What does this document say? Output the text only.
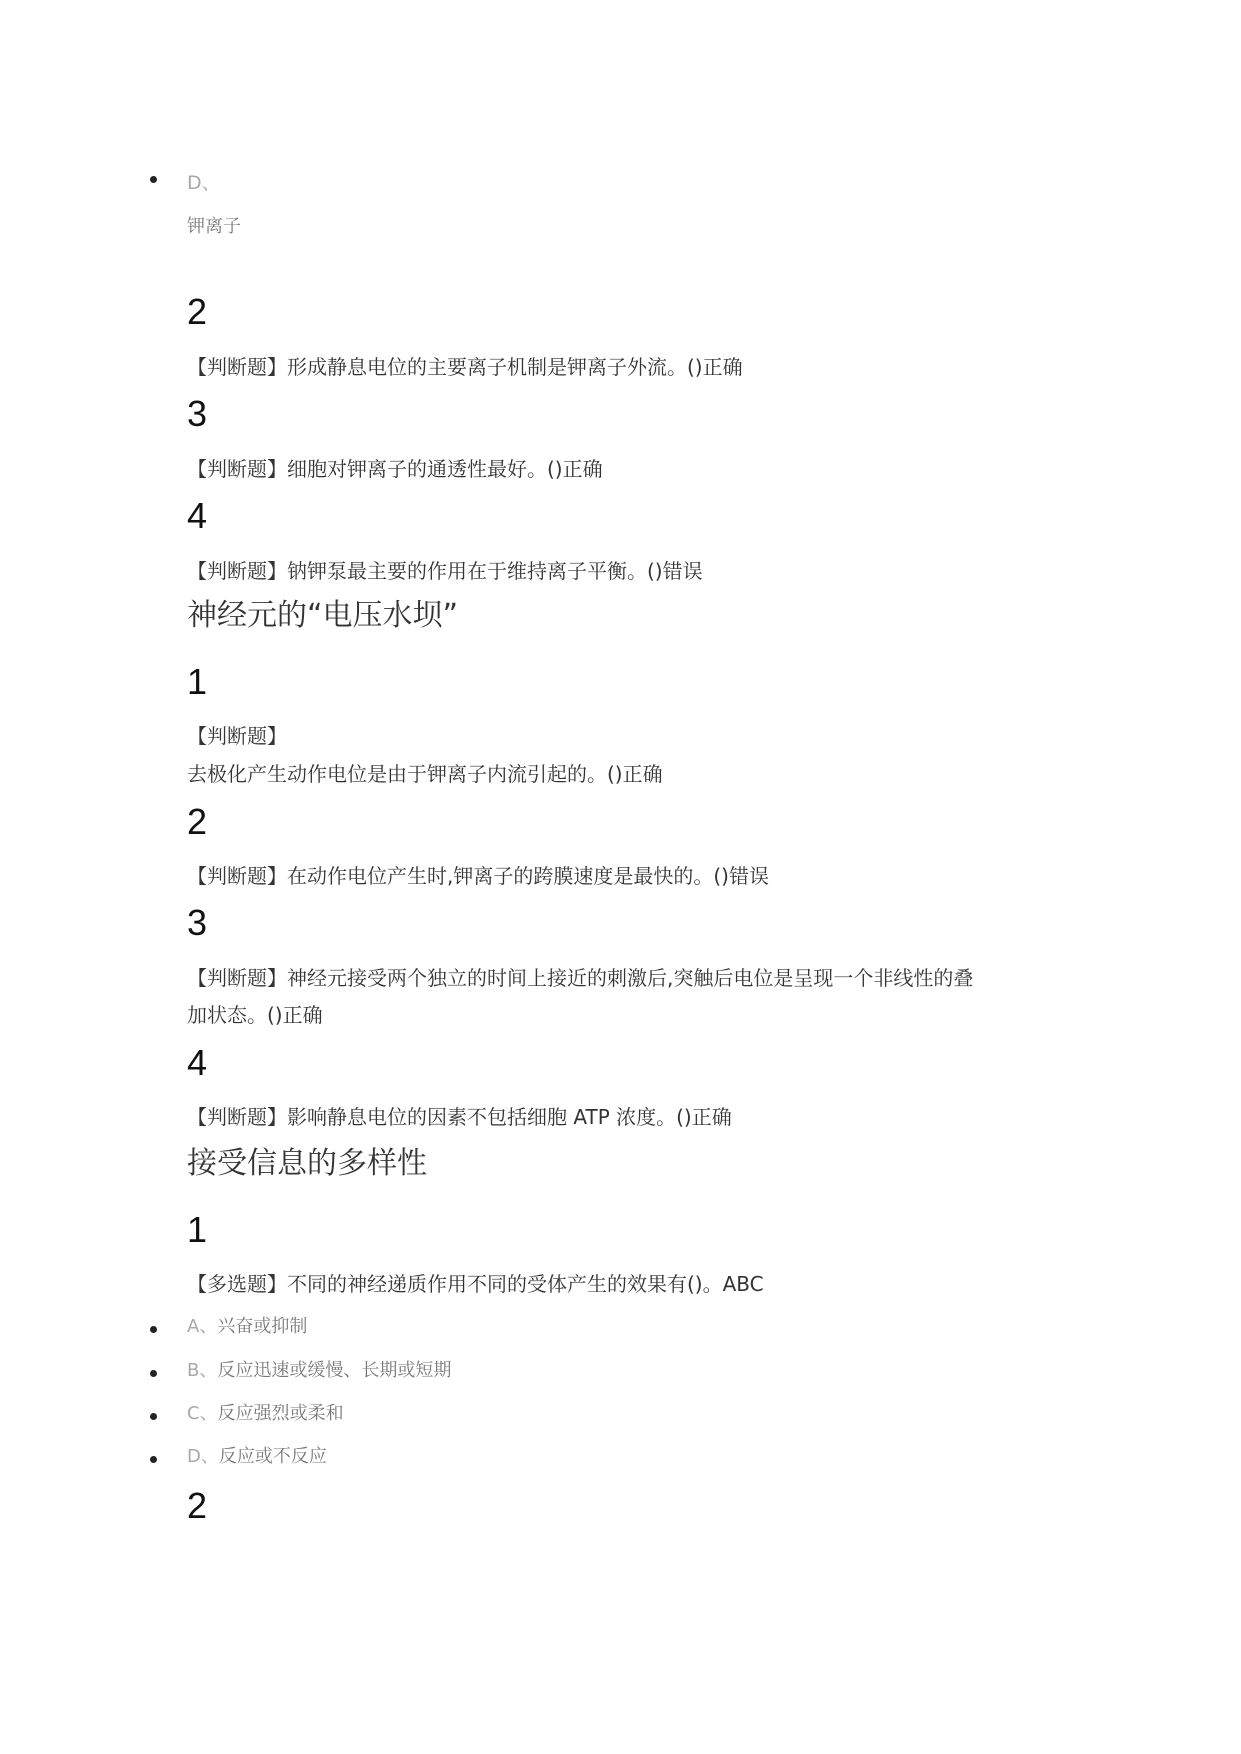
D、
钾离子
2
【判断题】形成静息电位的主要离子机制是钾离子外流。()正确
3
【判断题】细胞对钾离子的通透性最好。()正确
4
【判断题】钠钾泵最主要的作用在于维持离子平衡。()错误
神经元的“电压水坝”
1
【判断题】
去极化产生动作电位是由于钾离子内流引起的。()正确
2
【判断题】在动作电位产生时,钾离子的跨膜速度是最快的。()错误
3
【判断题】神经元接受两个独立的时间上接近的刺激后,突触后电位是呈现一个非线性的叠
加状态。()正确
4
【判断题】影响静息电位的因素不包括细胞 ATP 浓度。()正确
接受信息的多样性
1
【多选题】不同的神经递质作用不同的受体产生的效果有()。ABC
A、兴奋或抑制
B、反应迅速或缓慢、长期或短期
C、反应强烈或柔和
D、反应或不反应
2
